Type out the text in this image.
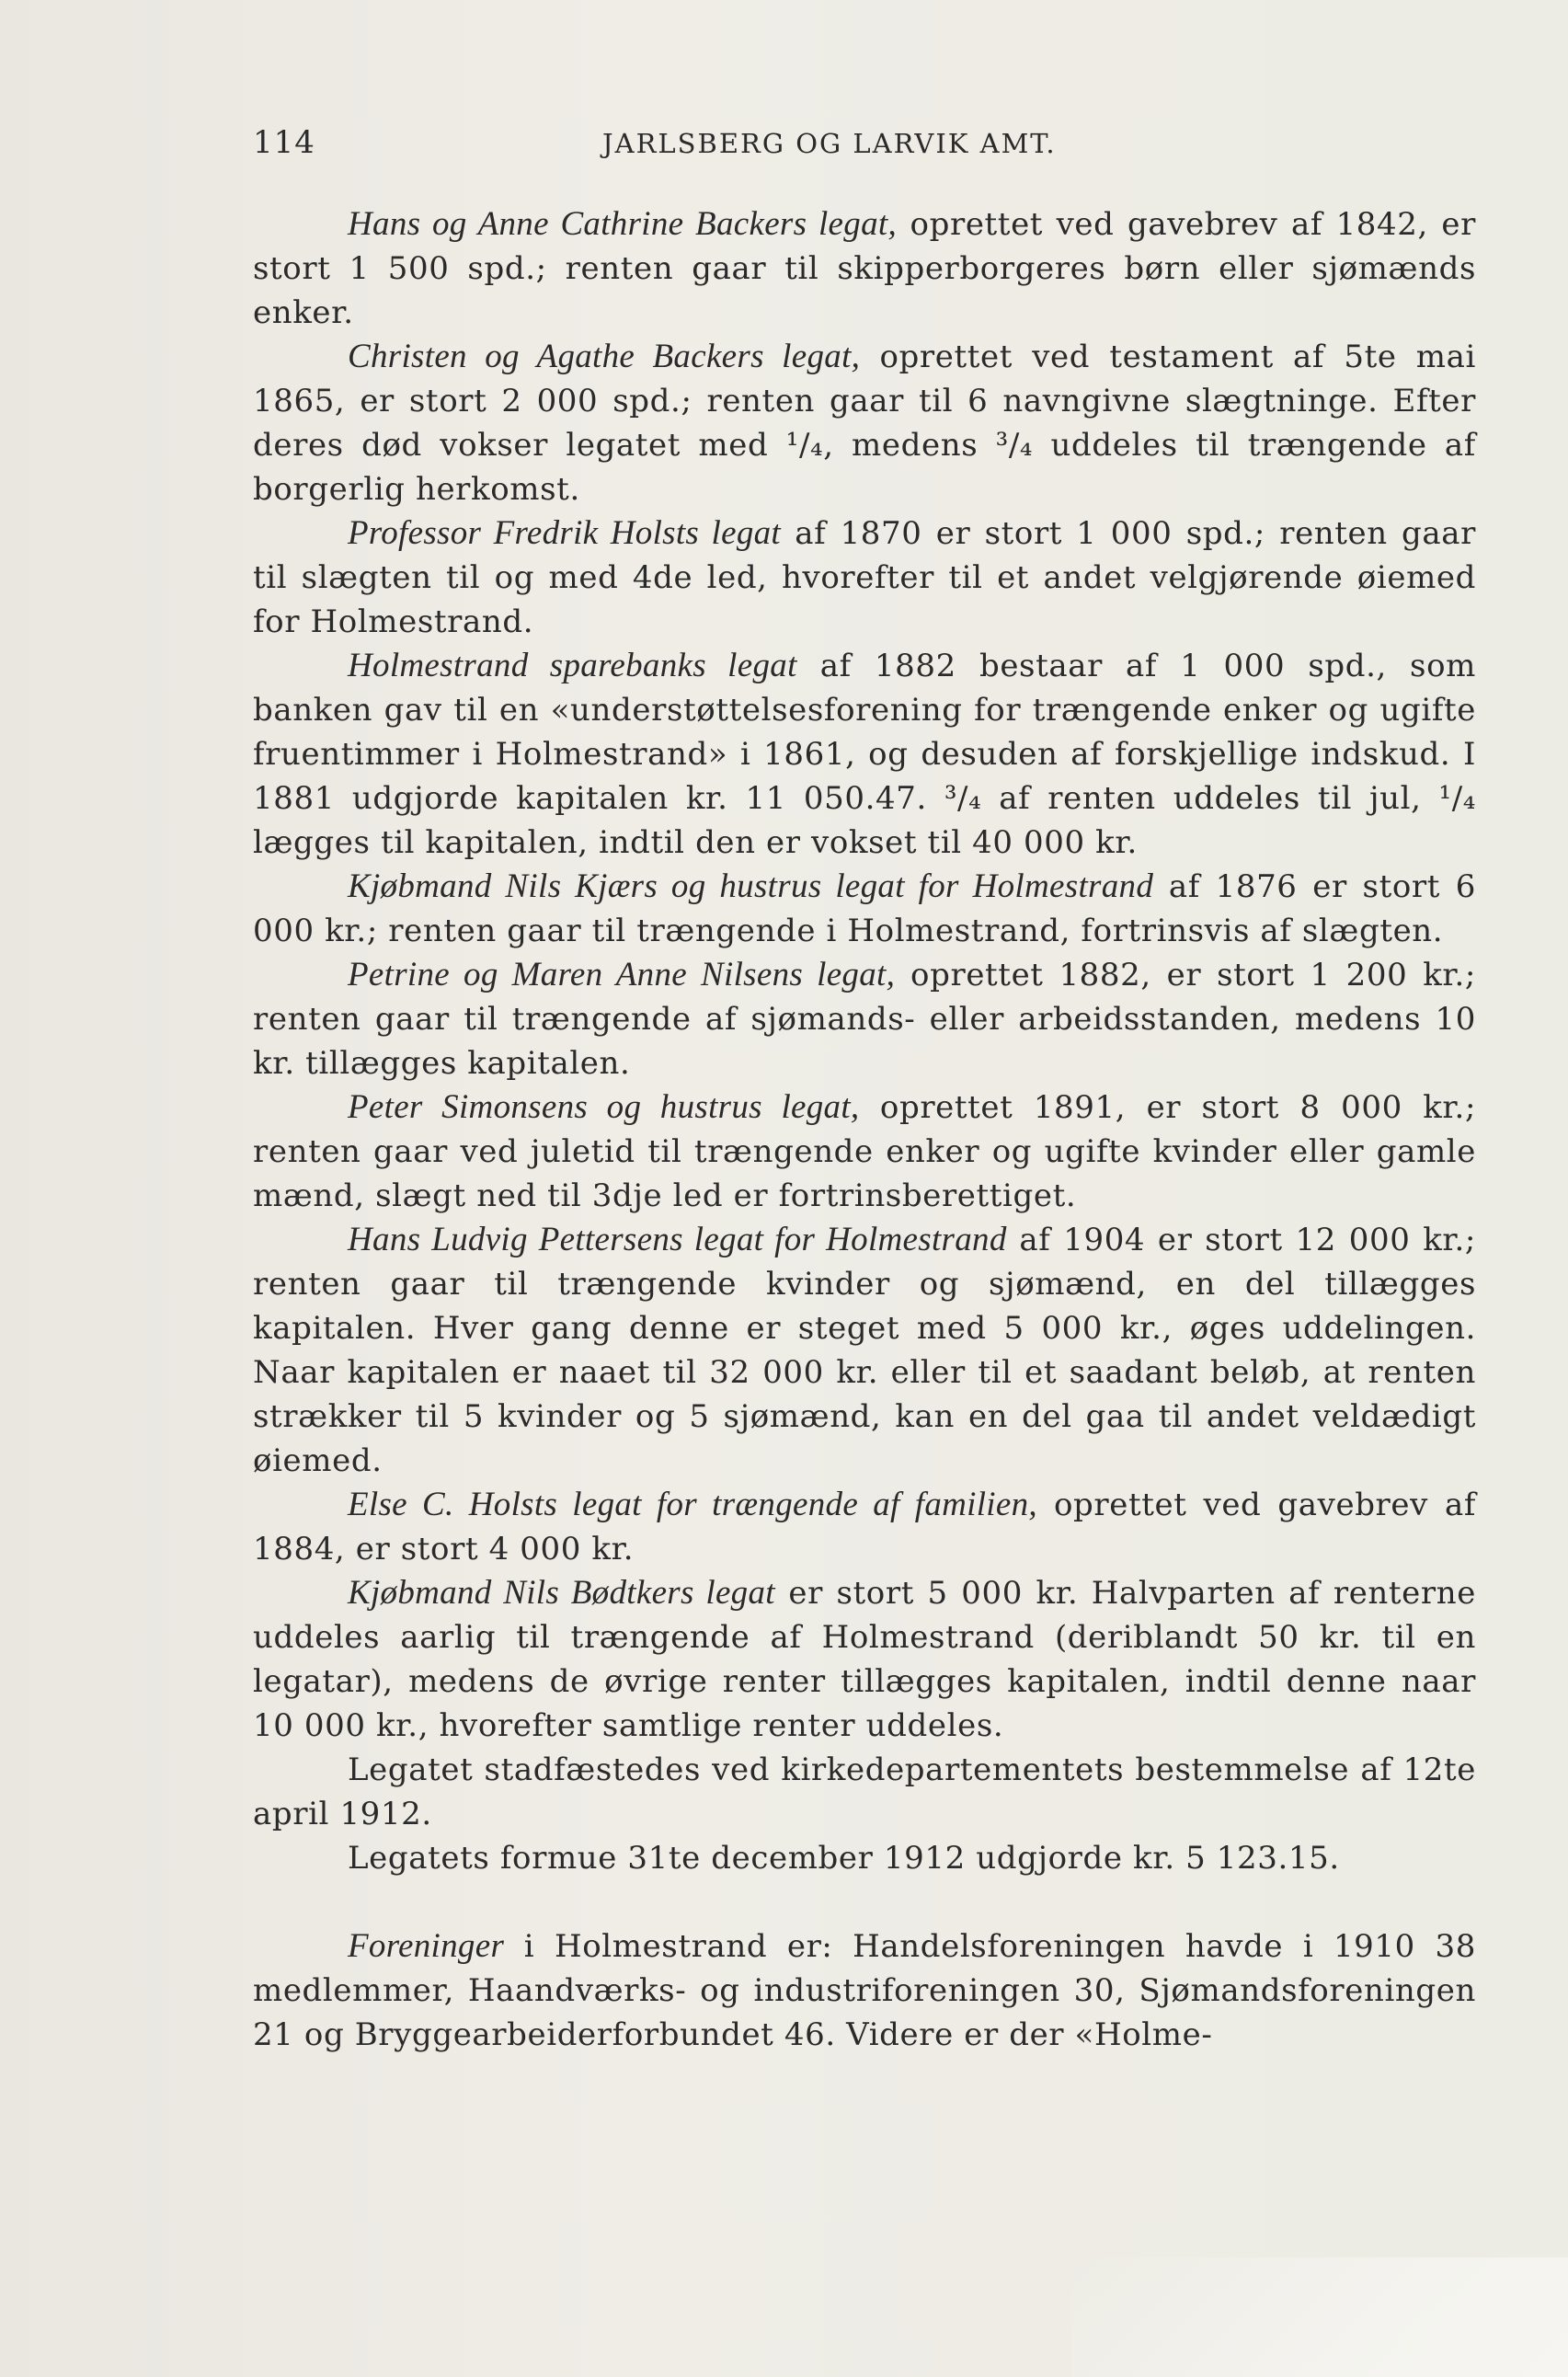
114	JARLSBERG OG LARVIK AMT.

Hans og Anne Cathrine Backers legat, oprettet ved gavebrev af 1842, er stort 1 500 spd.; renten gaar til skipperborgeres børn eller sjømænds enker.

Christen og Agathe Backers legat, oprettet ved testament af 5te mai 1865, er stort 2 000 spd.; renten gaar til 6 navngivne slægtninge. Efter deres død vokser legatet med ¹/₄, medens ³/₄ uddeles til trængende af borgerlig herkomst.

Professor Fredrik Holsts legat af 1870 er stort 1 000 spd.; renten gaar til slægten til og med 4de led, hvorefter til et andet velgjørende øiemed for Holmestrand.

Holmestrand sparebanks legat af 1882 bestaar af 1 000 spd., som banken gav til en «understøttelsesforening for trængende enker og ugifte fruentimmer i Holmestrand» i 1861, og desuden af forskjellige indskud. I 1881 udgjorde kapitalen kr. 11 050.47. ³/₄ af renten uddeles til jul, ¹/₄ lægges til kapitalen, indtil den er vokset til 40 000 kr.

Kjøbmand Nils Kjærs og hustrus legat for Holmestrand af 1876 er stort 6 000 kr.; renten gaar til trængende i Holmestrand, fortrinsvis af slægten.

Petrine og Maren Anne Nilsens legat, oprettet 1882, er stort 1 200 kr.; renten gaar til trængende af sjømands- eller arbeidsstanden, medens 10 kr. tillægges kapitalen.

Peter Simonsens og hustrus legat, oprettet 1891, er stort 8 000 kr.; renten gaar ved juletid til trængende enker og ugifte kvinder eller gamle mænd, slægt ned til 3dje led er fortrinsberettiget.

Hans Ludvig Pettersens legat for Holmestrand af 1904 er stort 12 000 kr.; renten gaar til trængende kvinder og sjømænd, en del tillægges kapitalen. Hver gang denne er steget med 5 000 kr., øges uddelingen. Naar kapitalen er naaet til 32 000 kr. eller til et saadant beløb, at renten strækker til 5 kvinder og 5 sjømænd, kan en del gaa til andet veldædigt øiemed.

Else C. Holsts legat for trængende af familien, oprettet ved gavebrev af 1884, er stort 4 000 kr.

Kjøbmand Nils Bødtkers legat er stort 5 000 kr. Halvparten af renterne uddeles aarlig til trængende af Holmestrand (deriblandt 50 kr. til en legatar), medens de øvrige renter tillægges kapitalen, indtil denne naar 10 000 kr., hvorefter samtlige renter uddeles.

Legatet stadfæstedes ved kirkedepartementets bestemmelse af 12te april 1912.

Legatets formue 31te december 1912 udgjorde kr. 5 123.15.

Foreninger i Holmestrand er: Handelsforeningen havde i 1910 38 medlemmer, Haandværks- og industriforeningen 30, Sjømandsforeningen 21 og Bryggearbeiderforbundet 46. Videre er der «Holme-
